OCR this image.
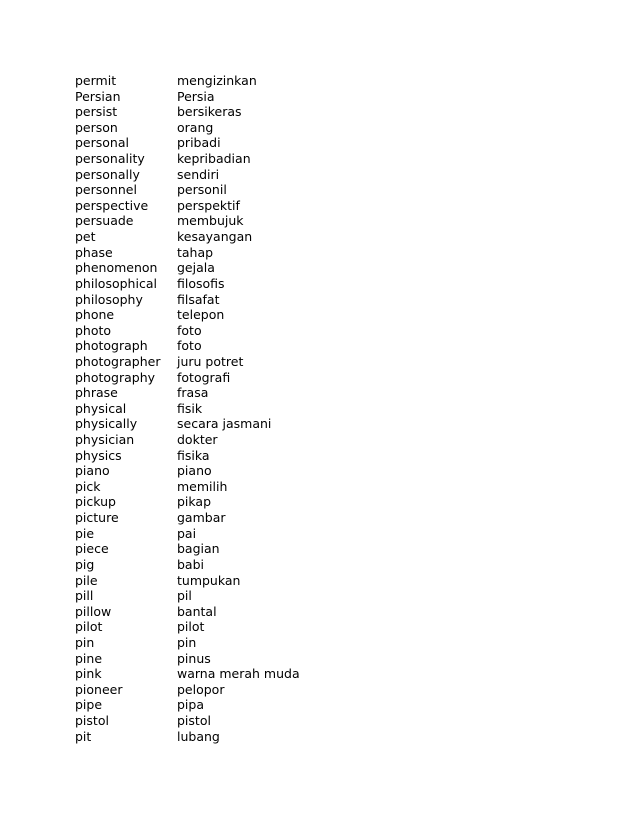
permit	mengizinkan
Persian	Persia
persist	bersikeras
person	orang
personal	pribadi
personality	kepribadian
personally	sendiri
personnel	personil
perspective	perspektif
persuade	membujuk
pet	kesayangan
phase	tahap
phenomenon	gejala
philosophical	filosofis
philosophy	filsafat
phone	telepon
photo	foto
photograph	foto
photographer	juru potret
photography	fotografi
phrase	frasa
physical	fisik
physically	secara jasmani
physician	dokter
physics	fisika
piano	piano
pick	memilih
pickup	pikap
picture	gambar
pie	pai
piece	bagian
pig	babi
pile	tumpukan
pill	pil
pillow	bantal
pilot	pilot
pin	pin
pine	pinus
pink	warna merah muda
pioneer	pelopor
pipe	pipa
pistol	pistol
pit	lubang
